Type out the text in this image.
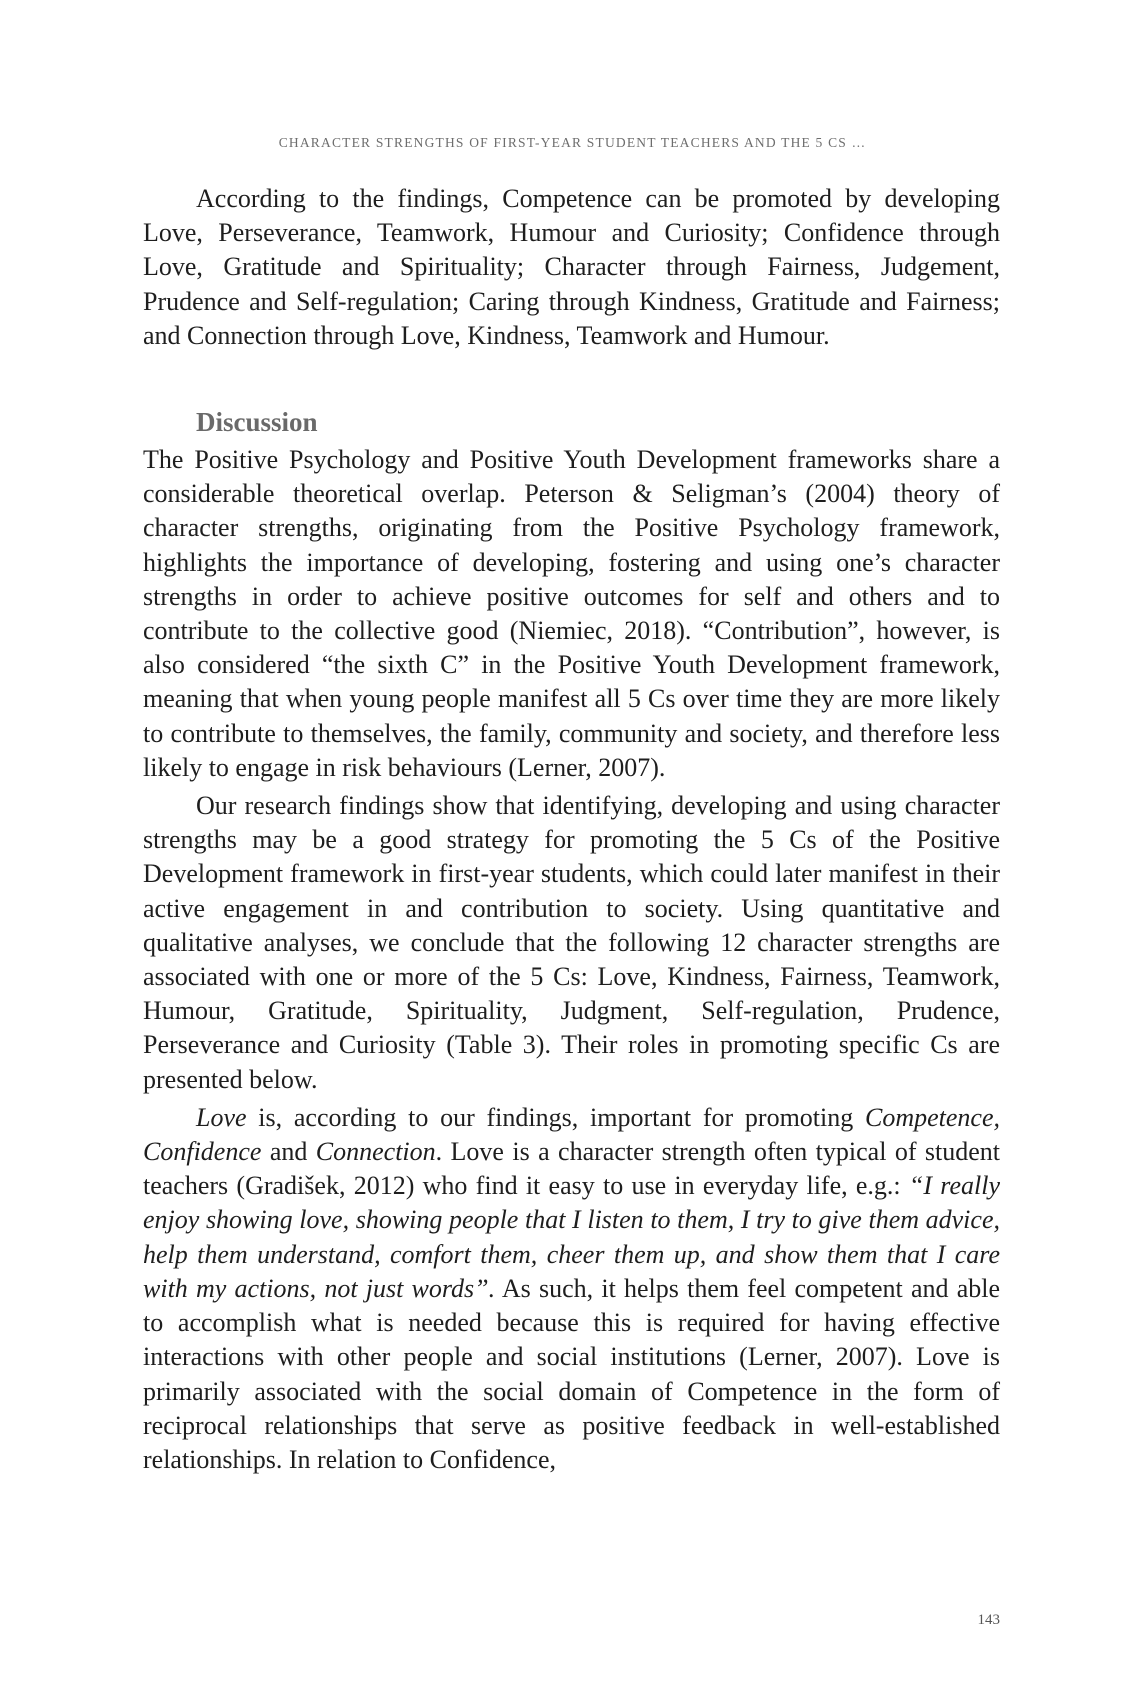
CHARACTER STRENGTHS OF FIRST-YEAR STUDENT TEACHERS AND THE 5 CS …

According to the findings, Competence can be promoted by developing Love, Perseverance, Teamwork, Humour and Curiosity; Confidence through Love, Gratitude and Spirituality; Character through Fairness, Judgement, Prudence and Self-regulation; Caring through Kindness, Gratitude and Fairness; and Connection through Love, Kindness, Teamwork and Humour.

Discussion

The Positive Psychology and Positive Youth Development frameworks share a considerable theoretical overlap. Peterson & Seligman’s (2004) theory of character strengths, originating from the Positive Psychology framework, highlights the importance of developing, fostering and using one’s character strengths in order to achieve positive outcomes for self and others and to contribute to the collective good (Niemiec, 2018). “Contribution”, however, is also considered “the sixth C” in the Positive Youth Development framework, meaning that when young people manifest all 5 Cs over time they are more likely to contribute to themselves, the family, community and society, and therefore less likely to engage in risk behaviours (Lerner, 2007).

Our research findings show that identifying, developing and using character strengths may be a good strategy for promoting the 5 Cs of the Positive Development framework in first-year students, which could later manifest in their active engagement in and contribution to society. Using quantitative and qualitative analyses, we conclude that the following 12 character strengths are associated with one or more of the 5 Cs: Love, Kindness, Fairness, Teamwork, Humour, Gratitude, Spirituality, Judgment, Self-regulation, Prudence, Perseverance and Curiosity (Table 3). Their roles in promoting specific Cs are presented below.

Love is, according to our findings, important for promoting Competence, Confidence and Connection. Love is a character strength often typical of student teachers (Gradišek, 2012) who find it easy to use in everyday life, e.g.: “I really enjoy showing love, showing people that I listen to them, I try to give them advice, help them understand, comfort them, cheer them up, and show them that I care with my actions, not just words”. As such, it helps them feel competent and able to accomplish what is needed because this is required for having effective interactions with other people and social institutions (Lerner, 2007). Love is primarily associated with the social domain of Competence in the form of reciprocal relationships that serve as positive feedback in well-established relationships. In relation to Confidence,

143
